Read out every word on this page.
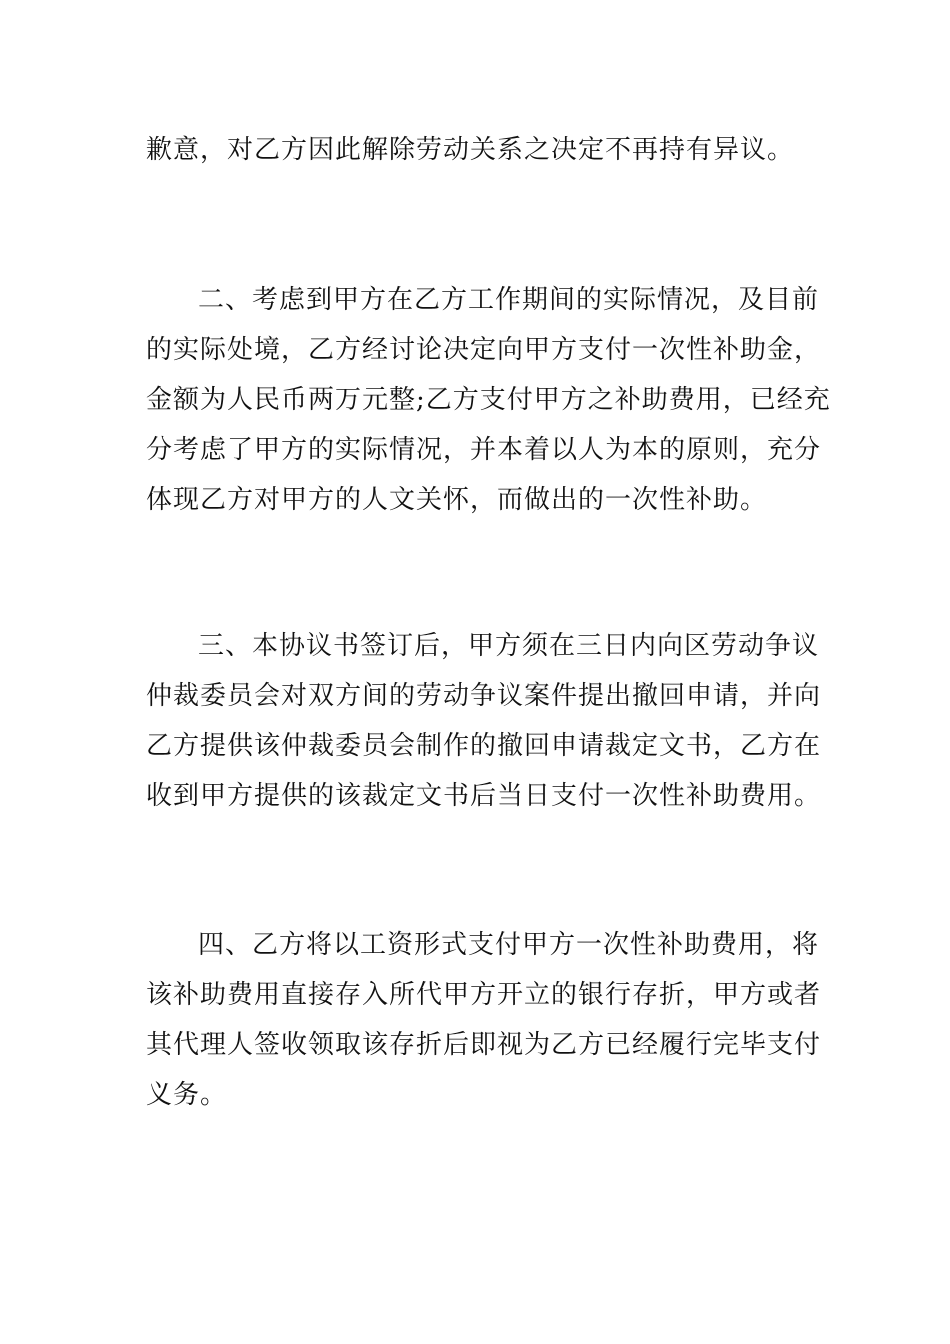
歉意，对乙方因此解除劳动关系之决定不再持有异议。

二、考虑到甲方在乙方工作期间的实际情况，及目前
的实际处境，乙方经讨论决定向甲方支付一次性补助金，
金额为人民币两万元整;乙方支付甲方之补助费用，已经充
分考虑了甲方的实际情况，并本着以人为本的原则，充分
体现乙方对甲方的人文关怀，而做出的一次性补助。

三、本协议书签订后，甲方须在三日内向区劳动争议
仲裁委员会对双方间的劳动争议案件提出撤回申请，并向
乙方提供该仲裁委员会制作的撤回申请裁定文书，乙方在
收到甲方提供的该裁定文书后当日支付一次性补助费用。

四、乙方将以工资形式支付甲方一次性补助费用，将
该补助费用直接存入所代甲方开立的银行存折，甲方或者
其代理人签收领取该存折后即视为乙方已经履行完毕支付
义务。
